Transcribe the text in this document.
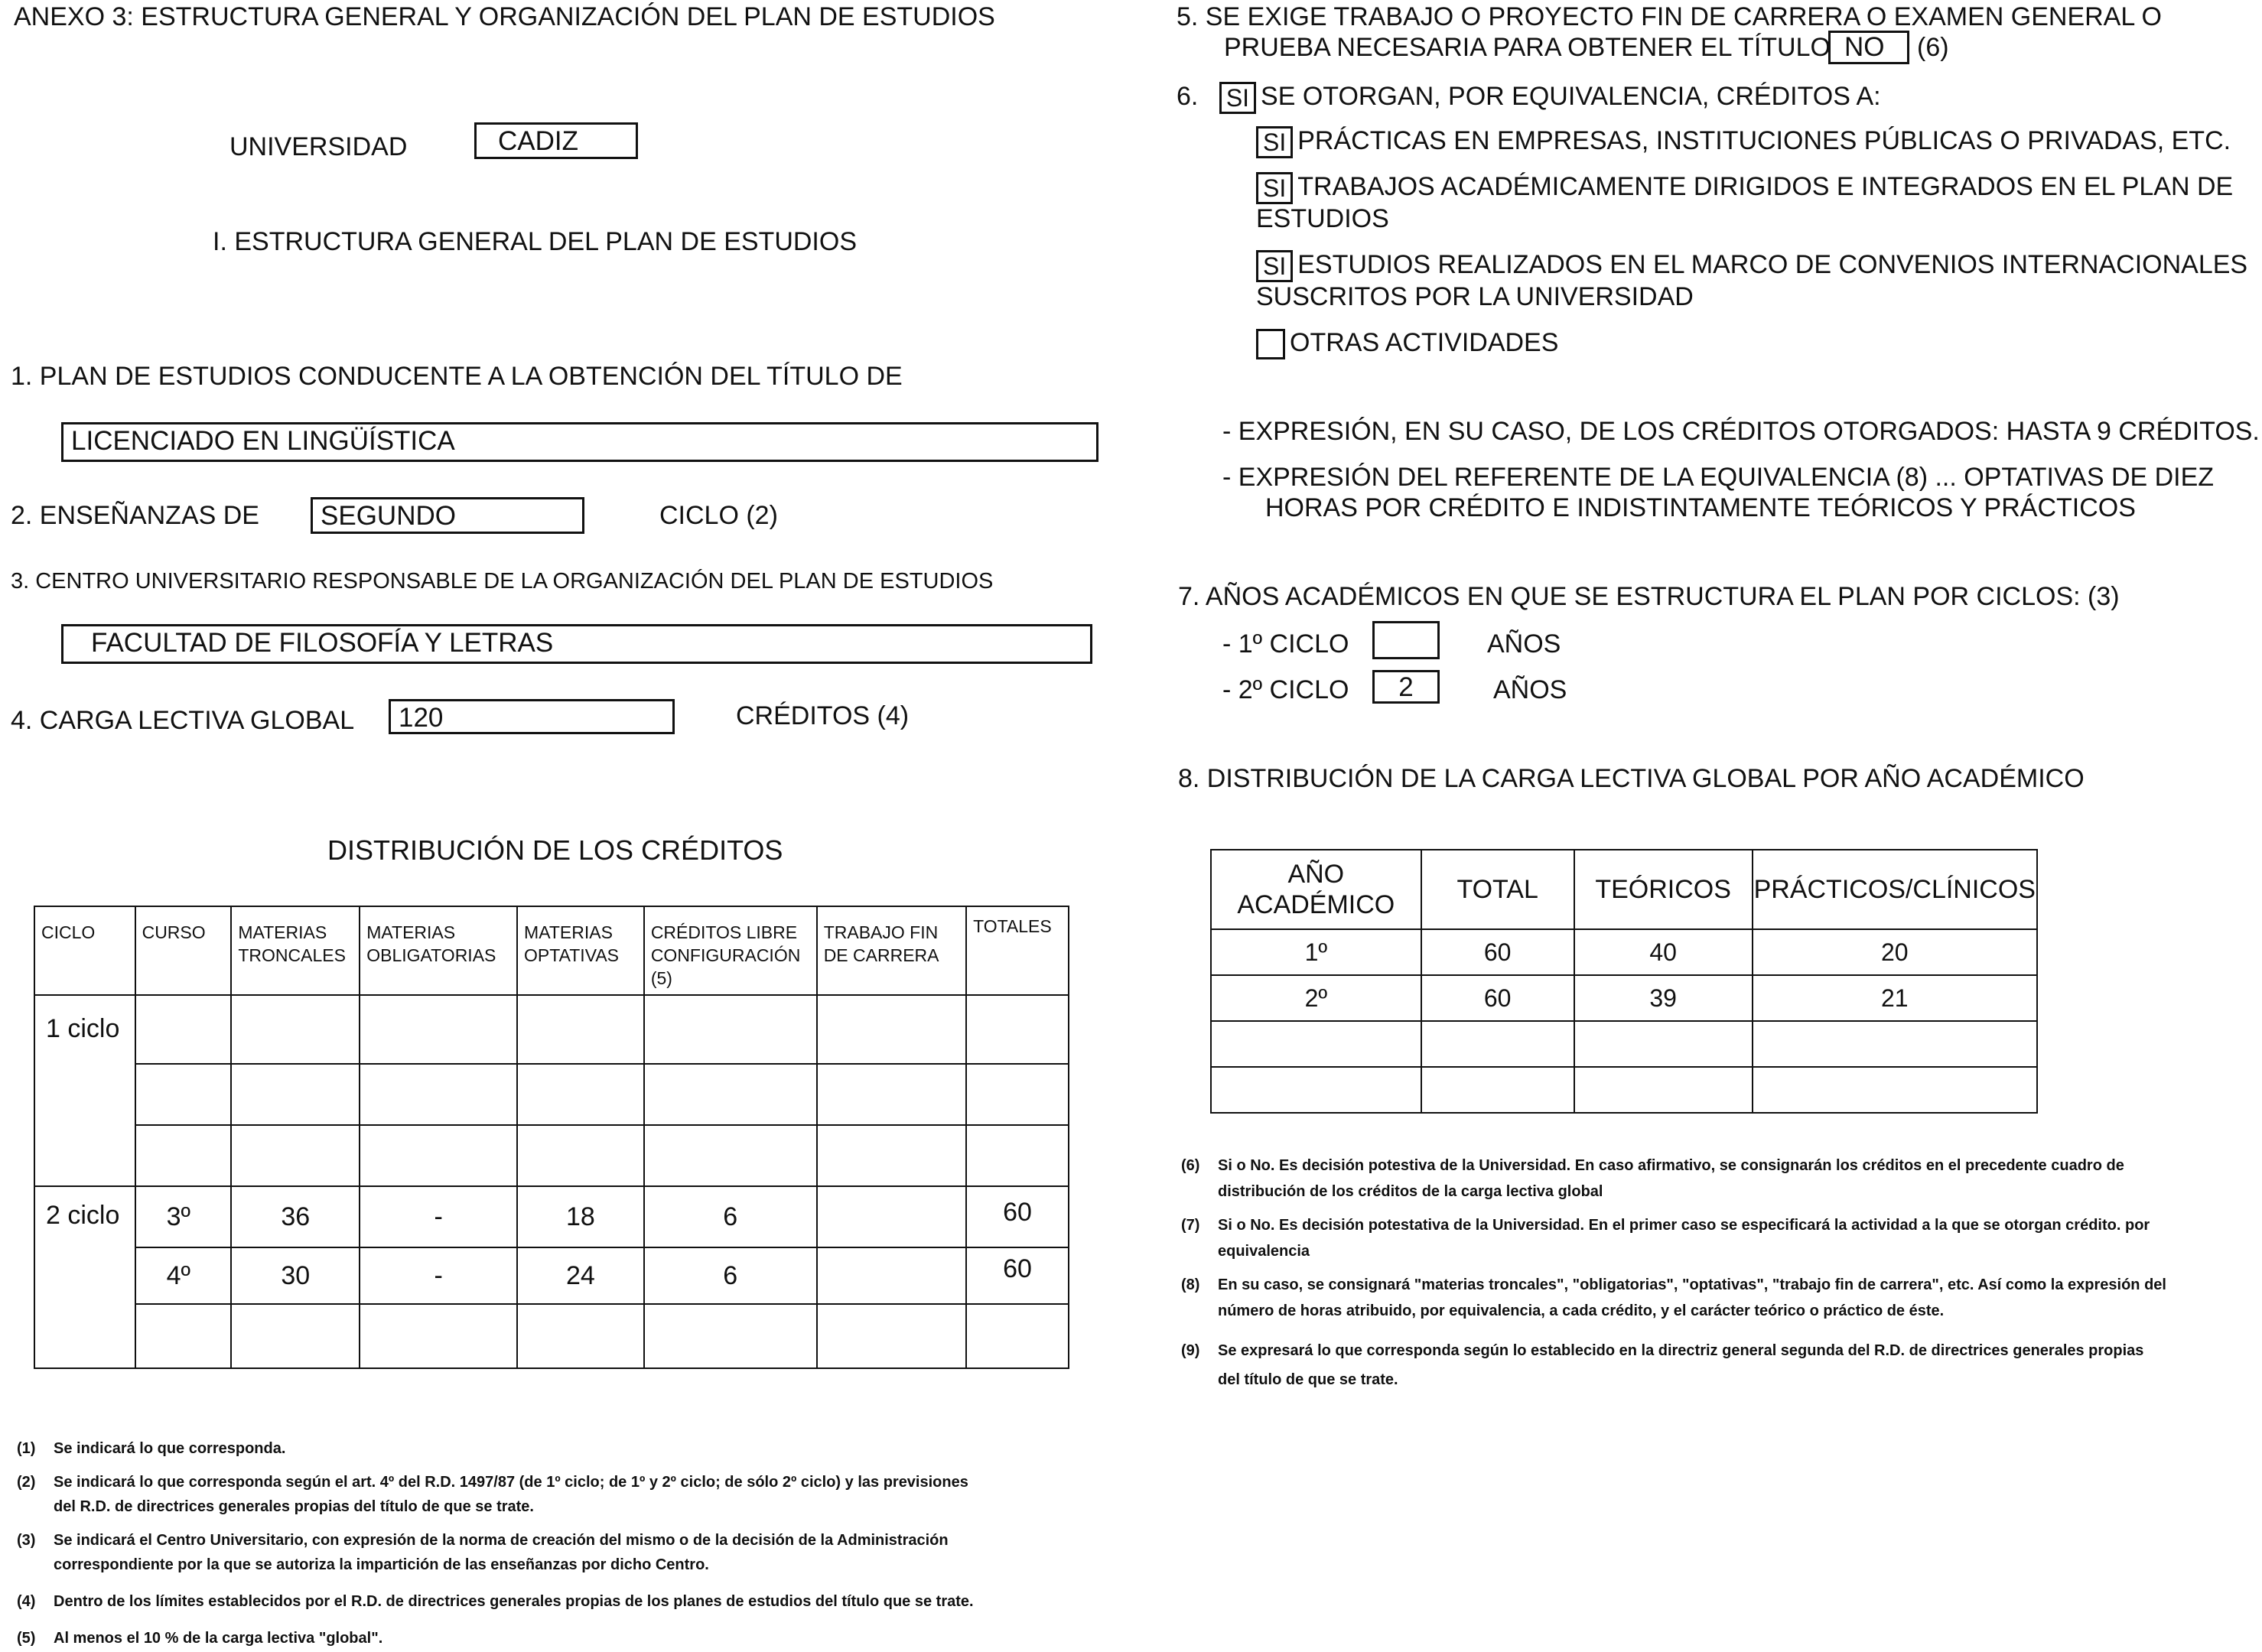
ANEXO 3: ESTRUCTURA GENERAL Y ORGANIZACIÓN DEL PLAN DE ESTUDIOS
UNIVERSIDAD	CADIZ
I. ESTRUCTURA GENERAL DEL PLAN DE ESTUDIOS
1. PLAN DE ESTUDIOS CONDUCENTE A LA OBTENCIÓN DEL TÍTULO DE
LICENCIADO EN LINGÜÍSTICA
2. ENSEÑANZAS DE	SEGUNDO	CICLO (2)
3. CENTRO UNIVERSITARIO RESPONSABLE DE LA ORGANIZACIÓN DEL PLAN DE ESTUDIOS
FACULTAD DE FILOSOFÍA Y LETRAS
4. CARGA LECTIVA GLOBAL	120	CRÉDITOS (4)
DISTRIBUCIÓN DE LOS CRÉDITOS
CICLO	CURSO	MATERIAS TRONCALES	MATERIAS OBLIGATORIAS	MATERIAS OPTATIVAS	CRÉDITOS LIBRE CONFIGURACIÓN (5)	TRABAJO FIN DE CARRERA	TOTALES
1 ciclo							

2 ciclo	3º	36	-	18	6		60
	4º	30	-	24	6		60

(1) Se indicará lo que corresponda.
(2) Se indicará lo que corresponda según el art. 4º del R.D. 1497/87 (de 1º ciclo; de 1º y 2º ciclo; de sólo 2º ciclo) y las previsiones
del R.D. de directrices generales propias del título de que se trate.
(3) Se indicará el Centro Universitario, con expresión de la norma de creación del mismo o de la decisión de la Administración
correspondiente por la que se autoriza la impartición de las enseñanzas por dicho Centro.
(4) Dentro de los límites establecidos por el R.D. de directrices generales propias de los planes de estudios del título que se trate.
(5) Al menos el 10 % de la carga lectiva "global".
5. SE EXIGE TRABAJO O PROYECTO FIN DE CARRERA O EXAMEN GENERAL O
PRUEBA NECESARIA PARA OBTENER EL TÍTULO NO	(6)
6. SI SE OTORGAN, POR EQUIVALENCIA, CRÉDITOS A:
SI PRÁCTICAS EN EMPRESAS, INSTITUCIONES PÚBLICAS O PRIVADAS, ETC.
SI TRABAJOS ACADÉMICAMENTE DIRIGIDOS E INTEGRADOS EN EL PLAN DE
ESTUDIOS
SI ESTUDIOS REALIZADOS EN EL MARCO DE CONVENIOS INTERNACIONALES
SUSCRITOS POR LA UNIVERSIDAD
OTRAS ACTIVIDADES
- EXPRESIÓN, EN SU CASO, DE LOS CRÉDITOS OTORGADOS: HASTA 9 CRÉDITOS.
- EXPRESIÓN DEL REFERENTE DE LA EQUIVALENCIA (8) ... OPTATIVAS DE DIEZ
HORAS POR CRÉDITO E INDISTINTAMENTE TEÓRICOS Y PRÁCTICOS
7. AÑOS ACADÉMICOS EN QUE SE ESTRUCTURA EL PLAN POR CICLOS: (3)
- 1º CICLO	AÑOS
- 2º CICLO	2	AÑOS
8. DISTRIBUCIÓN DE LA CARGA LECTIVA GLOBAL POR AÑO ACADÉMICO
AÑO ACADÉMICO	TOTAL	TEÓRICOS	PRÁCTICOS/CLÍNICOS
1º	60	40	20
2º	60	39	21

(6) Si o No. Es decisión potestiva de la Universidad. En caso afirmativo, se consignarán los créditos en el precedente cuadro de
distribución de los créditos de la carga lectiva global
(7) Si o No. Es decisión potestativa de la Universidad. En el primer caso se especificará la actividad a la que se otorgan crédito. por
equivalencia
(8) En su caso, se consignará "materias troncales", "obligatorias", "optativas", "trabajo fin de carrera", etc. Así como la expresión del
número de horas atribuido, por equivalencia, a cada crédito, y el carácter teórico o práctico de éste.
(9) Se expresará lo que corresponda según lo establecido en la directriz general segunda del R.D. de directrices generales propias
del título de que se trate.
